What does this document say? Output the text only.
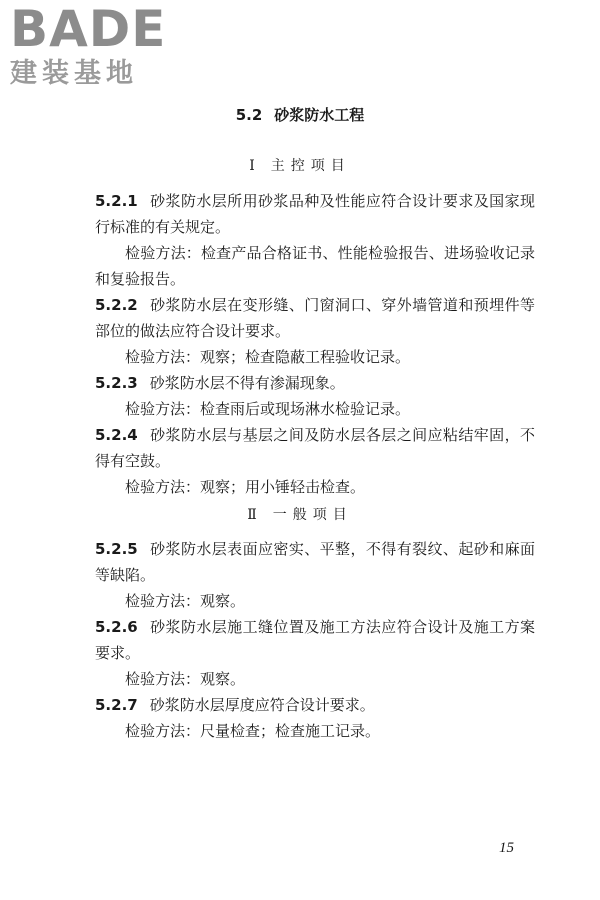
BADE
建装基地
5.2 砂浆防水工程
Ⅰ 主控项目

5.2.1 砂浆防水层所用砂浆品种及性能应符合设计要求及国家现行标准的有关规定。

检验方法：检查产品合格证书、性能检验报告、进场验收记录和复验报告。

5.2.2 砂浆防水层在变形缝、门窗洞口、穿外墙管道和预埋件等部位的做法应符合设计要求。

检验方法：观察；检查隐蔽工程验收记录。

5.2.3 砂浆防水层不得有渗漏现象。

检验方法：检查雨后或现场淋水检验记录。

5.2.4 砂浆防水层与基层之间及防水层各层之间应粘结牢固，不得有空鼓。

检验方法：观察；用小锤轻击检查。

Ⅱ 一般项目

5.2.5 砂浆防水层表面应密实、平整，不得有裂纹、起砂和麻面等缺陷。

检验方法：观察。

5.2.6 砂浆防水层施工缝位置及施工方法应符合设计及施工方案要求。

检验方法：观察。

5.2.7 砂浆防水层厚度应符合设计要求。

检验方法：尺量检查；检查施工记录。

15
